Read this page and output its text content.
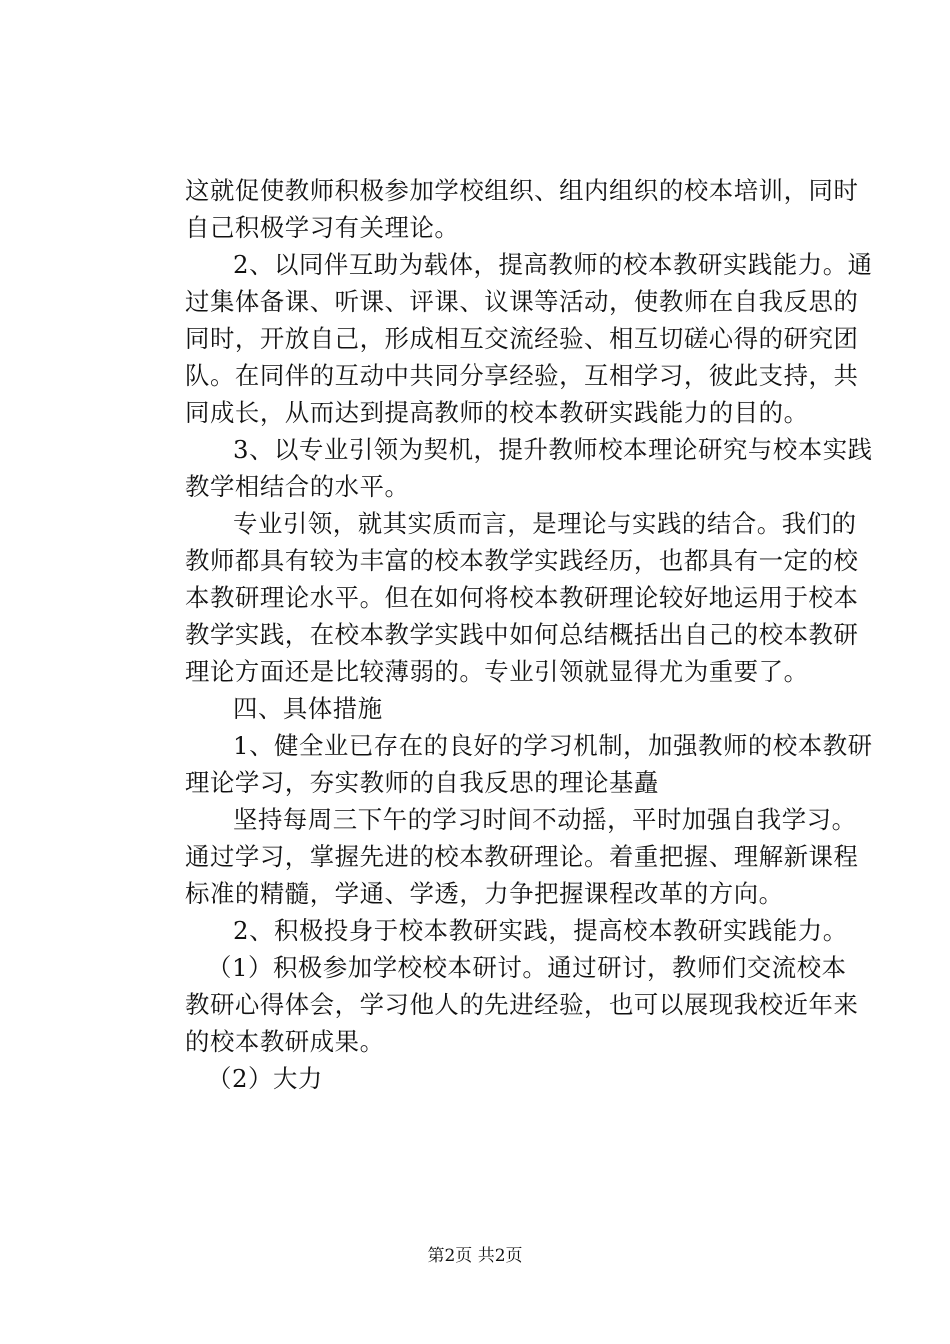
这就促使教师积极参加学校组织、组内组织的校本培训，同时
自己积极学习有关理论。
2、以同伴互助为载体，提高教师的校本教研实践能力。通
过集体备课、听课、评课、议课等活动，使教师在自我反思的
同时，开放自己，形成相互交流经验、相互切磋心得的研究团
队。在同伴的互动中共同分享经验，互相学习，彼此支持，共
同成长，从而达到提高教师的校本教研实践能力的目的。
3、以专业引领为契机，提升教师校本理论研究与校本实践
教学相结合的水平。
专业引领，就其实质而言，是理论与实践的结合。我们的
教师都具有较为丰富的校本教学实践经历，也都具有一定的校
本教研理论水平。但在如何将校本教研理论较好地运用于校本
教学实践，在校本教学实践中如何总结概括出自己的校本教研
理论方面还是比较薄弱的。专业引领就显得尤为重要了。
四、具体措施
1、健全业已存在的良好的学习机制，加强教师的校本教研
理论学习，夯实教师的自我反思的理论基矗
坚持每周三下午的学习时间不动摇，平时加强自我学习。
通过学习，掌握先进的校本教研理论。着重把握、理解新课程
标准的精髓，学通、学透，力争把握课程改革的方向。
2、积极投身于校本教研实践，提高校本教研实践能力。
（1）积极参加学校校本研讨。通过研讨，教师们交流校本
教研心得体会，学习他人的先进经验，也可以展现我校近年来
的校本教研成果。
（2）大力
第2页 共2页
